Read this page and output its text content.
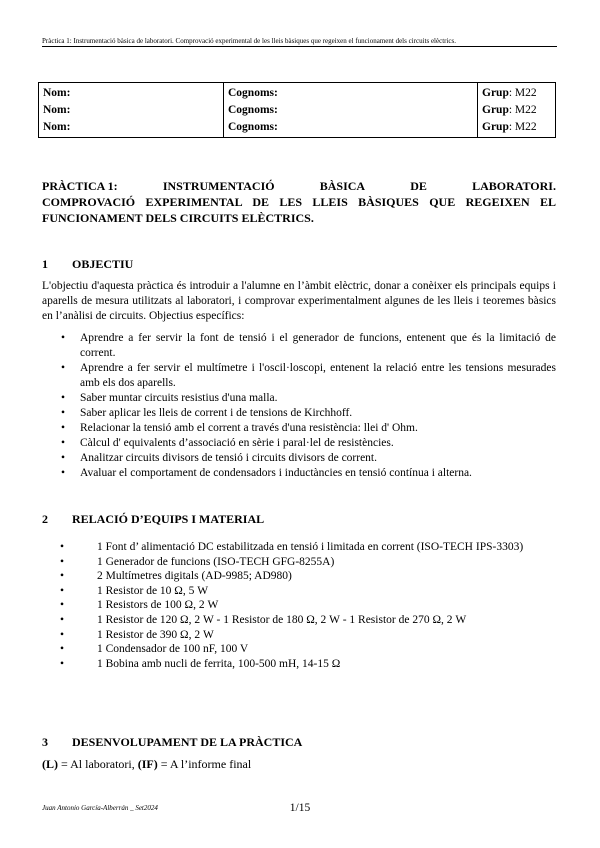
Pràctica 1: Instrumentació bàsica de laboratori. Comprovació experimental de les lleis bàsiques que regeixen el funcionament dels circuits elèctrics.
Nom:	Cognoms:	Grup: M22
Nom:	Cognoms:	Grup: M22
Nom:	Cognoms:	Grup: M22
PRÀCTICA 1:	INSTRUMENTACIÓ	BÀSICA	DE	LABORATORI.
COMPROVACIÓ EXPERIMENTAL DE LES LLEIS BÀSIQUES QUE REGEIXEN EL FUNCIONAMENT DELS CIRCUITS ELÈCTRICS.
1 OBJECTIU
L'objectiu d'aquesta pràctica és introduir a l'alumne en l’àmbit elèctric, donar a conèixer els principals equips i aparells de mesura utilitzats al laboratori, i comprovar experimentalment algunes de les lleis i teoremes bàsics en l’anàlisi de circuits. Objectius específics:
• Aprendre a fer servir la font de tensió i el generador de funcions, entenent que és la limitació de corrent.
• Aprendre a fer servir el multímetre i l'oscil·loscopi, entenent la relació entre les tensions mesurades amb els dos aparells.
• Saber muntar circuits resistius d'una malla.
• Saber aplicar les lleis de corrent i de tensions de Kirchhoff.
• Relacionar la tensió amb el corrent a través d'una resistència: llei d' Ohm.
• Càlcul d' equivalents d’associació en sèrie i paral·lel de resistències.
• Analitzar circuits divisors de tensió i circuits divisors de corrent.
• Avaluar el comportament de condensadors i inductàncies en tensió contínua i alterna.
2 RELACIÓ D’EQUIPS I MATERIAL
• 1 Font d’ alimentació DC estabilitzada en tensió i limitada en corrent (ISO-TECH IPS-3303)
• 1 Generador de funcions (ISO-TECH GFG-8255A)
• 2 Multímetres digitals (AD-9985; AD980)
• 1 Resistor de 10 Ω, 5 W
• 1 Resistors de 100 Ω, 2 W
• 1 Resistor de 120 Ω, 2 W - 1 Resistor de 180 Ω, 2 W - 1 Resistor de 270 Ω, 2 W
• 1 Resistor de 390 Ω, 2 W
• 1 Condensador de 100 nF, 100 V
• 1 Bobina amb nucli de ferrita, 100-500 mH, 14-15 Ω
3 DESENVOLUPAMENT DE LA PRÀCTICA
(L) = Al laboratori, (IF) = A l’informe final
Juan Antonio García-Alberrán _ Set2024	1/15
